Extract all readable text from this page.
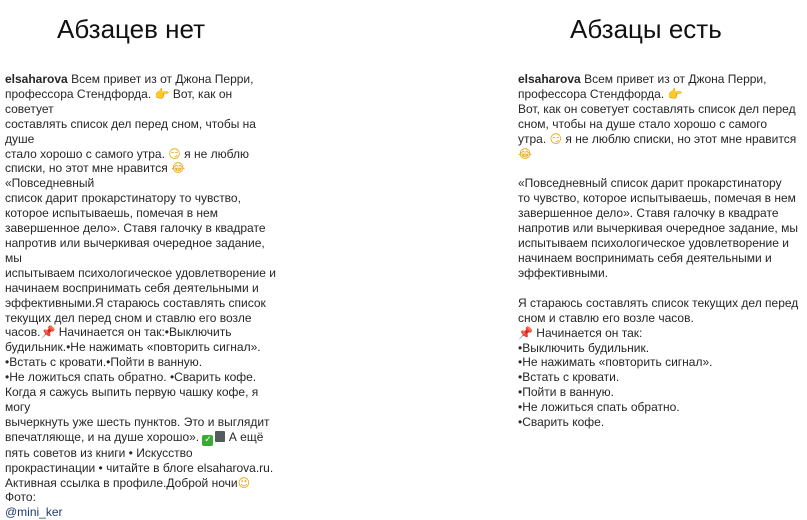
Абзацев нет	Абзацы есть

elsaharova Всем привет из от Джона Перри,

профессора Стендфорда. 👉 Вот, как он советует

составлять список дел перед сном, чтобы на душе

стало хорошо с самого утра. 😏 я не люблю

списки, но этот мне нравится 😂 «Повседневный

список дарит прокарстинатору то чувство,

которое испытываешь, помечая в нем

завершенное дело». Ставя галочку в квадрате

напротив или вычеркивая очередное задание, мы

испытываем психологическое удовлетворение и

начинаем воспринимать себя деятельными и

эффективными.Я стараюсь составлять список

текущих дел перед сном и ставлю его возле

часов.📌 Начинается он так:•Выключить

будильник.•Не нажимать «повторить сигнал».

•Встать с кровати.•Пойти в ванную.

•Не ложиться спать обратно. •Сварить кофе.

Когда я сажусь выпить первую чашку кофе, я могу

вычеркнуть уже шесть пунктов. Это и выглядит

впечатляюще, и на душе хорошо». ✓ А ещё

пять советов из книги • Искусство

прокрастинации • читайте в блоге elsaharova.ru.

Активная ссылка в профиле.Доброй ночи😉 Фото:

@mini_ker

elsaharova Всем привет из от Джона Перри,

профессора Стендфорда. 👉

Вот, как он советует составлять список дел перед

сном, чтобы на душе стало хорошо с самого

утра. 😏 я не люблю списки, но этот мне нравится

😂

«Повседневный список дарит прокарстинатору

то чувство, которое испытываешь, помечая в нем

завершенное дело». Ставя галочку в квадрате

напротив или вычеркивая очередное задание, мы

испытываем психологическое удовлетворение и

начинаем воспринимать себя деятельными и

эффективными.

Я стараюсь составлять список текущих дел перед

сном и ставлю его возле часов.

📌 Начинается он так:

•Выключить будильник.

•Не нажимать «повторить сигнал».

•Встать с кровати.

•Пойти в ванную.

•Не ложиться спать обратно.

•Сварить кофе.
